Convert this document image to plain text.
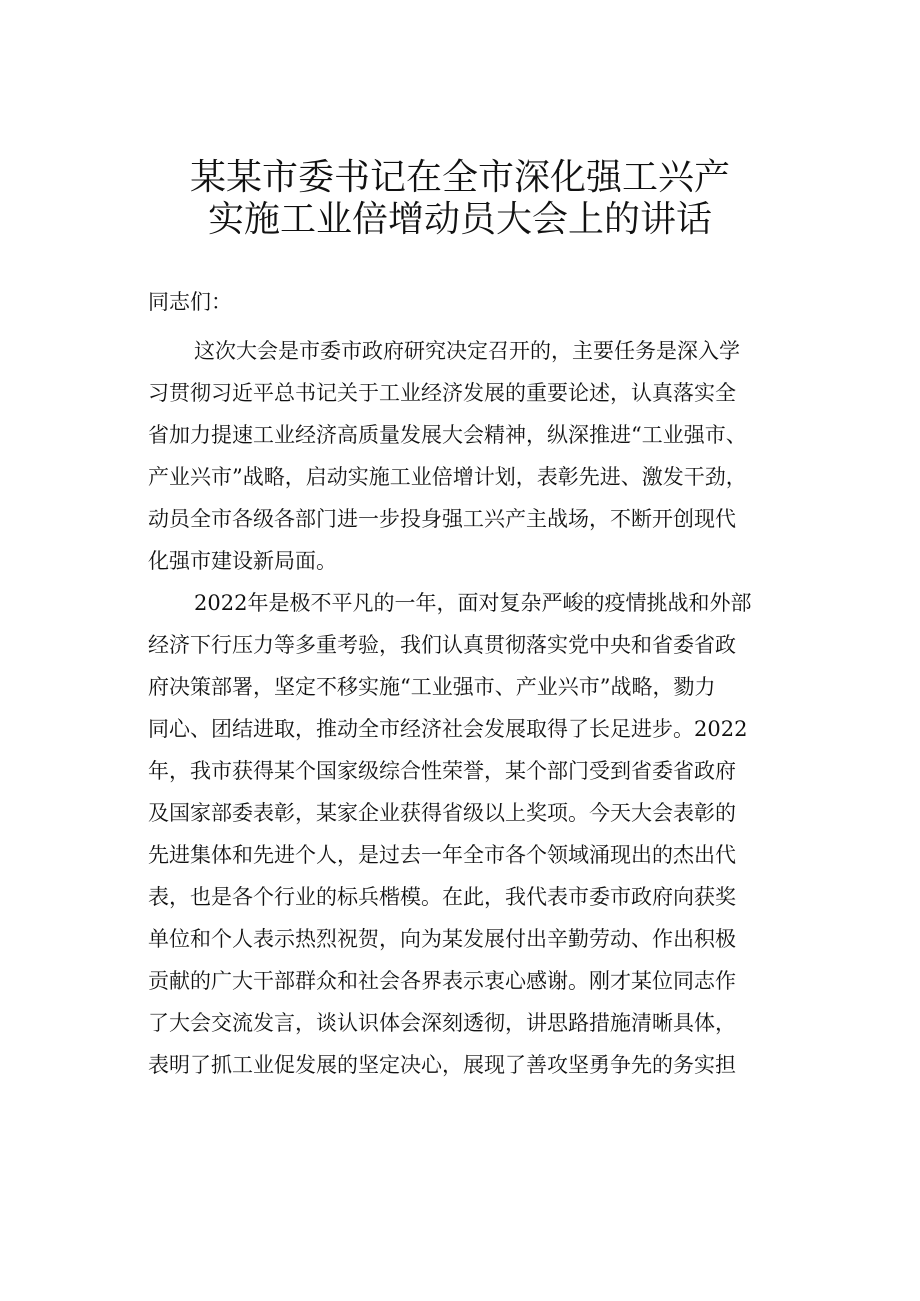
某某市委书记在全市深化强工兴产
实施工业倍增动员大会上的讲话
同志们：
这次大会是市委市政府研究决定召开的，主要任务是深入学
习贯彻习近平总书记关于工业经济发展的重要论述，认真落实全
省加力提速工业经济高质量发展大会精神，纵深推进“工业强市、
产业兴市”战略，启动实施工业倍增计划，表彰先进、激发干劲，
动员全市各级各部门进一步投身强工兴产主战场，不断开创现代
化强市建设新局面。
2022年是极不平凡的一年，面对复杂严峻的疫情挑战和外部
经济下行压力等多重考验，我们认真贯彻落实党中央和省委省政
府决策部署，坚定不移实施“工业强市、产业兴市”战略，勠力
同心、团结进取，推动全市经济社会发展取得了长足进步。2022
年，我市获得某个国家级综合性荣誉，某个部门受到省委省政府
及国家部委表彰，某家企业获得省级以上奖项。今天大会表彰的
先进集体和先进个人，是过去一年全市各个领域涌现出的杰出代
表，也是各个行业的标兵楷模。在此，我代表市委市政府向获奖
单位和个人表示热烈祝贺，向为某发展付出辛勤劳动、作出积极
贡献的广大干部群众和社会各界表示衷心感谢。刚才某位同志作
了大会交流发言，谈认识体会深刻透彻，讲思路措施清晰具体，
表明了抓工业促发展的坚定决心，展现了善攻坚勇争先的务实担
